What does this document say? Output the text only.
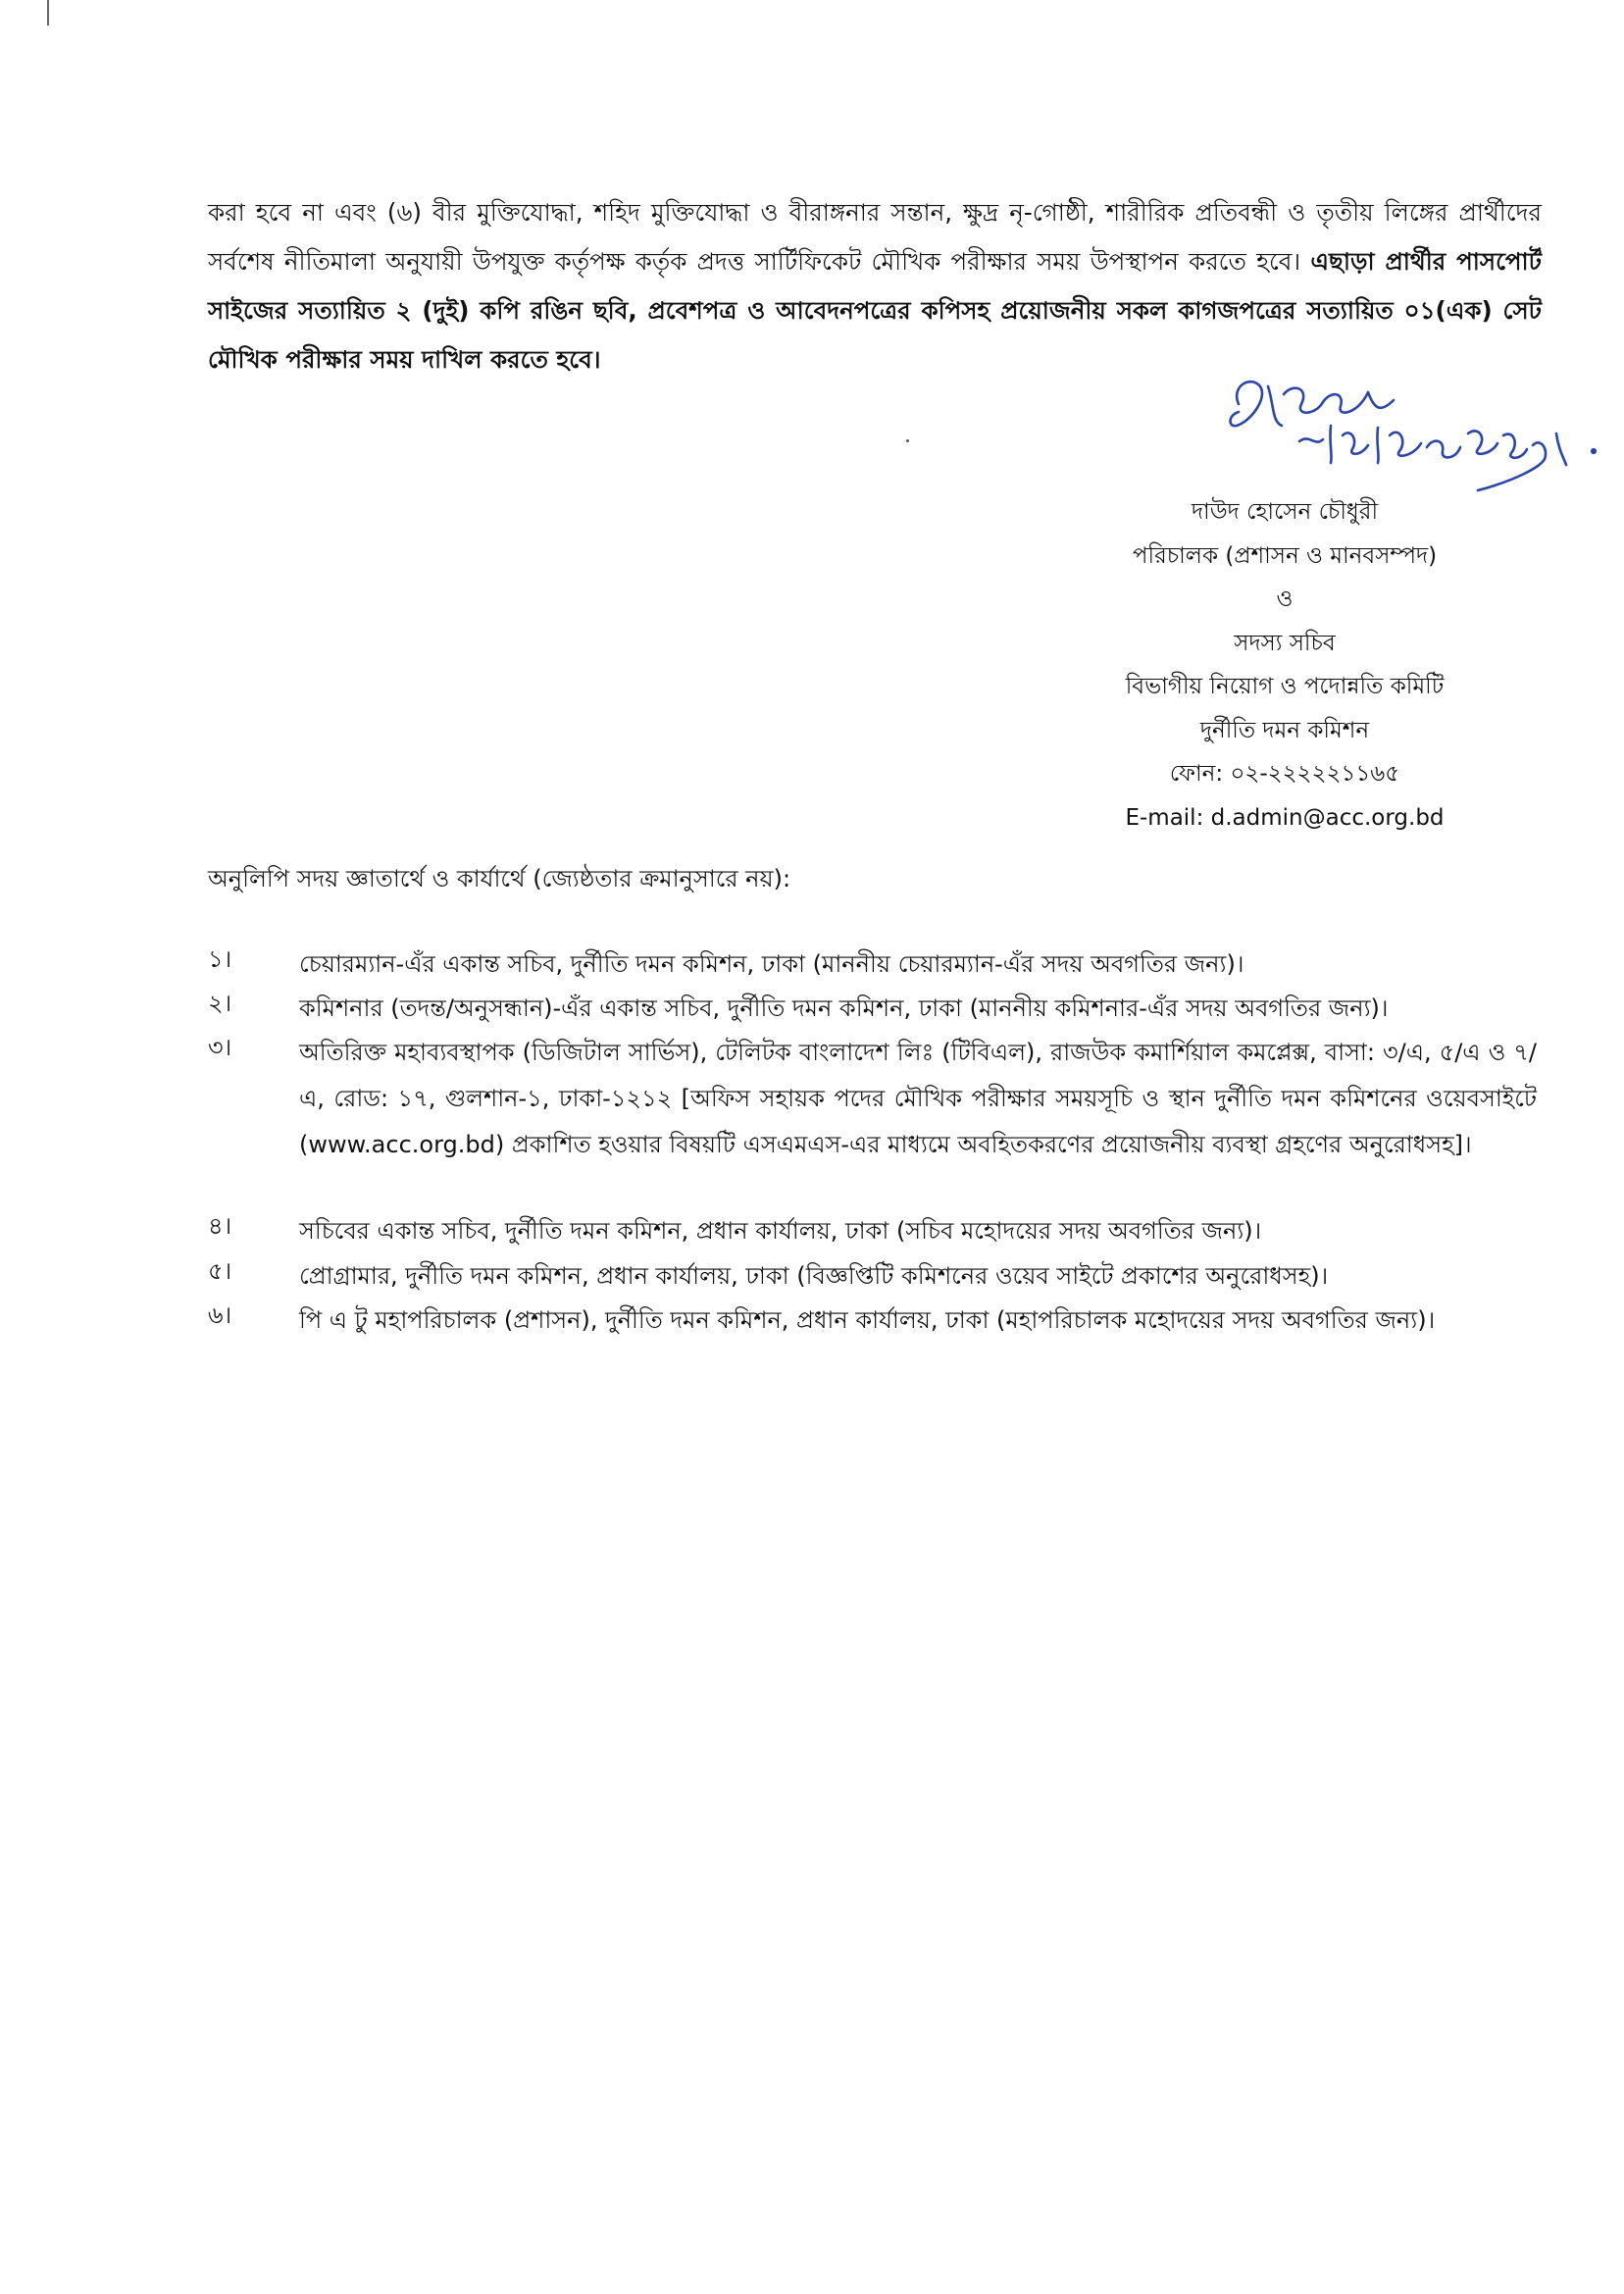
করা হবে না এবং (৬) বীর মুক্তিযোদ্ধা, শহিদ মুক্তিযোদ্ধা ও বীরাঙ্গনার সন্তান, ক্ষুদ্র নৃ-গোষ্ঠী, শারীরিক প্রতিবন্ধী ও তৃতীয় লিঙ্গের প্রার্থীদের সর্বশেষ নীতিমালা অনুযায়ী উপযুক্ত কর্তৃপক্ষ কর্তৃক প্রদত্ত সার্টিফিকেট মৌখিক পরীক্ষার সময় উপস্থাপন করতে হবে। এছাড়া প্রার্থীর পাসপোর্ট সাইজের সত্যায়িত ২ (দুই) কপি রঙিন ছবি, প্রবেশপত্র ও আবেদনপত্রের কপিসহ প্রয়োজনীয় সকল কাগজপত্রের সত্যায়িত ০১(এক) সেট মৌখিক পরীক্ষার সময় দাখিল করতে হবে।

দাউদ হোসেন চৌধুরী
পরিচালক (প্রশাসন ও মানবসম্পদ)
ও
সদস্য সচিব
বিভাগীয় নিয়োগ ও পদোন্নতি কমিটি
দুর্নীতি দমন কমিশন
ফোন: ০২-২২২২২১১৬৫
E-mail: d.admin@acc.org.bd
অনুলিপি সদয় জ্ঞাতার্থে ও কার্যার্থে (জ্যেষ্ঠতার ক্রমানুসারে নয়):
১।	চেয়ারম্যান-এঁর একান্ত সচিব, দুর্নীতি দমন কমিশন, ঢাকা (মাননীয় চেয়ারম্যান-এঁর সদয় অবগতির জন্য)।
২।	কমিশনার (তদন্ত/অনুসন্ধান)-এঁর একান্ত সচিব, দুর্নীতি দমন কমিশন, ঢাকা (মাননীয় কমিশনার-এঁর সদয় অবগতির জন্য)।
৩।	অতিরিক্ত মহাব্যবস্থাপক (ডিজিটাল সার্ভিস), টেলিটক বাংলাদেশ লিঃ (টিবিএল), রাজউক কমার্শিয়াল কমপ্লেক্স, বাসা: ৩/এ, ৫/এ ও ৭/এ, রোড: ১৭, গুলশান-১, ঢাকা-১২১২ [অফিস সহায়ক পদের মৌখিক পরীক্ষার সময়সূচি ও স্থান দুর্নীতি দমন কমিশনের ওয়েবসাইটে (www.acc.org.bd) প্রকাশিত হওয়ার বিষয়টি এসএমএস-এর মাধ্যমে অবহিতকরণের প্রয়োজনীয় ব্যবস্থা গ্রহণের অনুরোধসহ]।
৪।	সচিবের একান্ত সচিব, দুর্নীতি দমন কমিশন, প্রধান কার্যালয়, ঢাকা (সচিব মহোদয়ের সদয় অবগতির জন্য)।
৫।	প্রোগ্রামার, দুর্নীতি দমন কমিশন, প্রধান কার্যালয়, ঢাকা (বিজ্ঞপ্তিটি কমিশনের ওয়েব সাইটে প্রকাশের অনুরোধসহ)।
৬।	পি এ টু মহাপরিচালক (প্রশাসন), দুর্নীতি দমন কমিশন, প্রধান কার্যালয়, ঢাকা (মহাপরিচালক মহোদয়ের সদয় অবগতির জন্য)।
